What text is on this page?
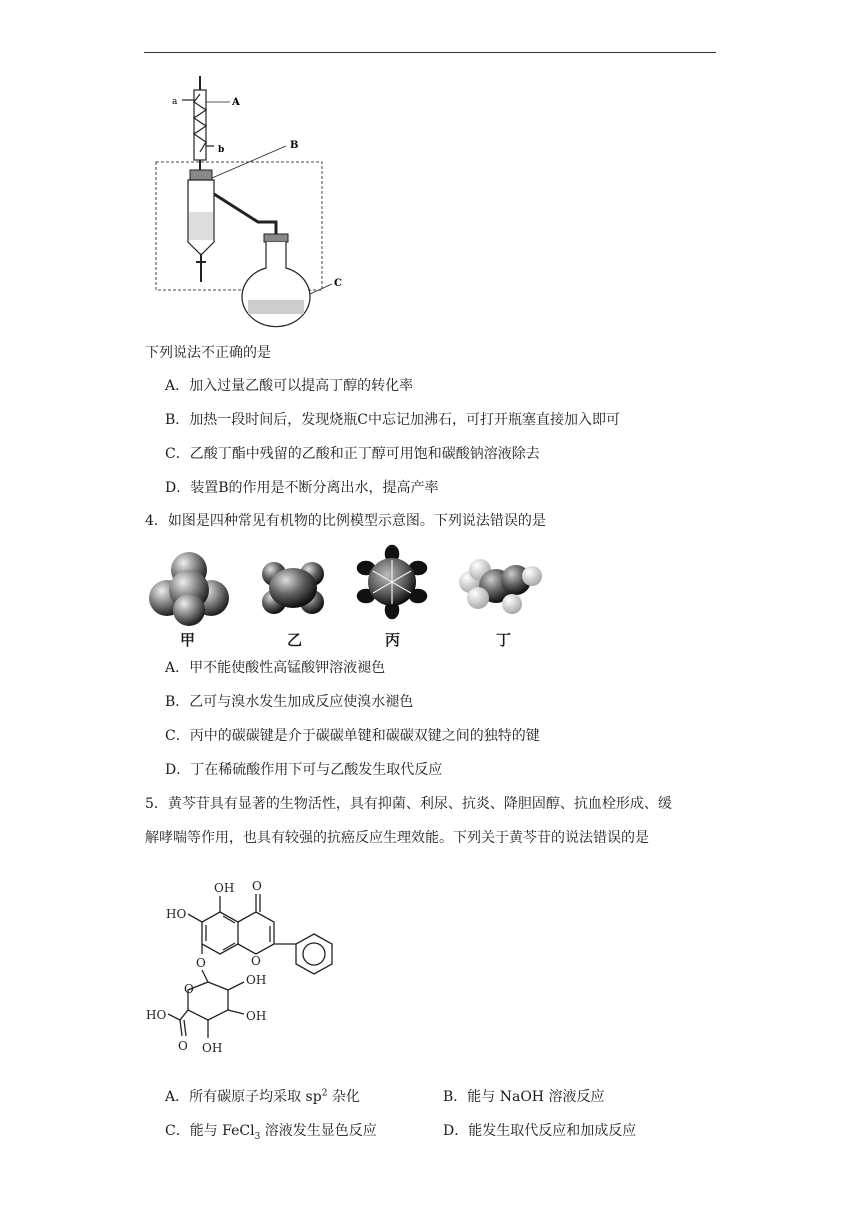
a	A
b	B
C
下列说法不正确的是
A．加入过量乙酸可以提高丁醇的转化率
B．加热一段时间后，发现烧瓶C中忘记加沸石，可打开瓶塞直接加入即可
C．乙酸丁酯中残留的乙酸和正丁醇可用饱和碳酸钠溶液除去
D．装置B的作用是不断分离出水，提高产率
4．如图是四种常见有机物的比例模型示意图。下列说法错误的是
甲	乙	丙	丁
A．甲不能使酸性高锰酸钾溶液褪色
B．乙可与溴水发生加成反应使溴水褪色
C．丙中的碳碳键是介于碳碳单键和碳碳双键之间的独特的键
D．丁在稀硫酸作用下可与乙酸发生取代反应
5．黄芩苷具有显著的生物活性，具有抑菌、利尿、抗炎、降胆固醇、抗血栓形成、缓
解哮喘等作用，也具有较强的抗癌反应生理效能。下列关于黄芩苷的说法错误的是
OH O
HO
O
O
O
OH
HO	OH
O OH
A．所有碳原子均采取 $sp^2$ 杂化	B．能与 NaOH 溶液反应
C．能与 FeCl$_3$ 溶液发生显色反应	D．能发生取代反应和加成反应
